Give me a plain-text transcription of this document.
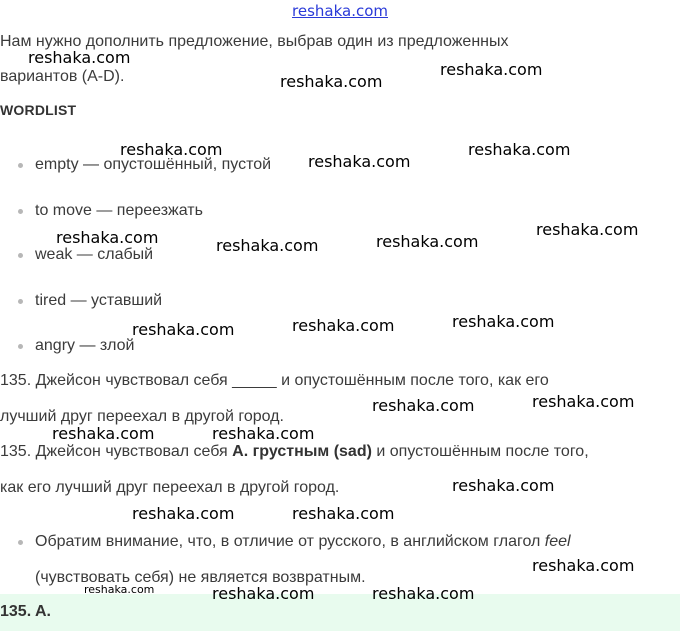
reshaka.com
Нам нужно дополнить предложение, выбрав один из предложенных
вариантов (A-D).
WORDLIST
empty — опустошённый, пустой
to move — переезжать
weak — слабый
tired — уставший
angry — злой
135. Джейсон чувствовал себя _____ и опустошённым после того, как его
лучший друг переехал в другой город.
135. Джейсон чувствовал себя A. грустным (sad) и опустошённым после того,
как его лучший друг переехал в другой город.
Обратим внимание, что, в отличие от русского, в английском глагол feel
(чувствовать себя) не является возвратным.
135. A.
reshaka.com
reshaka.com
reshaka.com
reshaka.com
reshaka.com
reshaka.com
reshaka.com	reshaka.com	reshaka.com
reshaka.com
reshaka.com	reshaka.com	reshaka.com
reshaka.com	reshaka.com
reshaka.com	reshaka.com
reshaka.com
reshaka.com	reshaka.com
reshaka.com
reshaka.com	reshaka.com	reshaka.com
